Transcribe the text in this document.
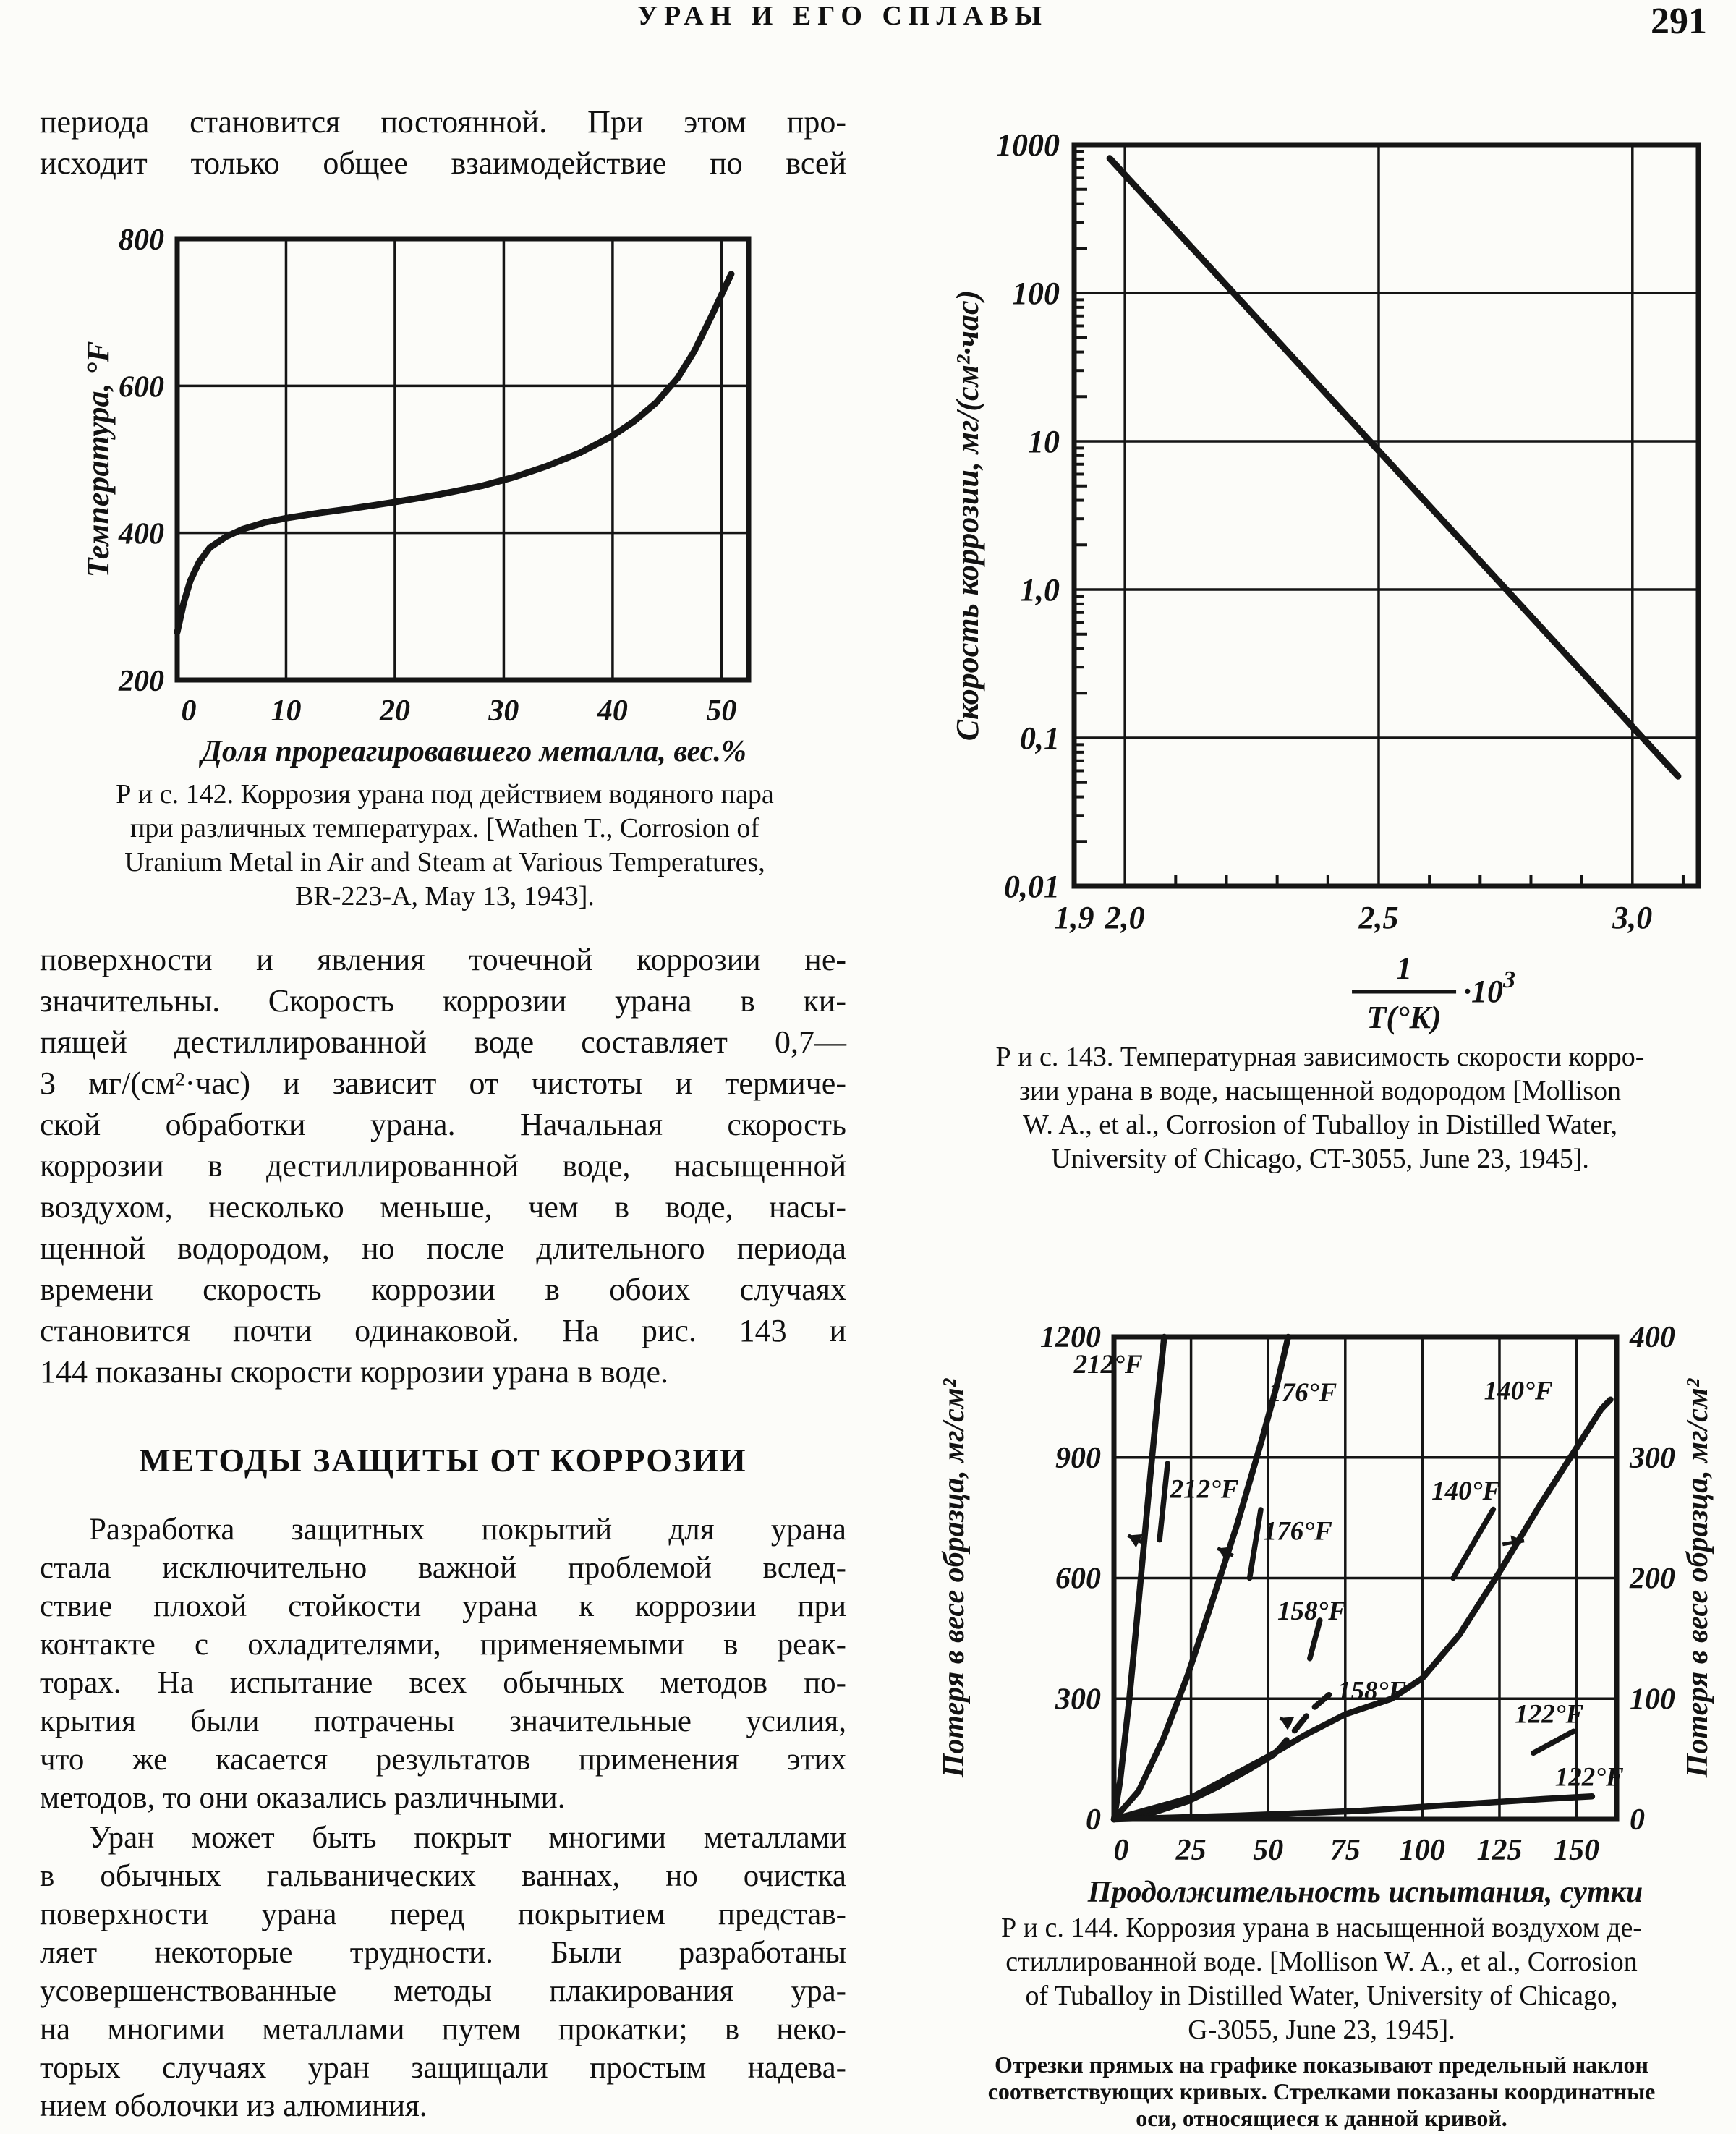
УРАН И ЕГО СПЛАВЫ	291
периода становится постоянной. При этом про-
исходит только общее взаимодействие по всей
200
400
600
800
0 10	20	30	40	50
Доля прореагировавшего металла, вес.%
Температура, °F
Р и с. 142. Коррозия урана под действием водяного пара
при различных температурах. [Wathen T., Corrosion of
Uranium Metal in Air and Steam at Various Temperatures,
BR-223-A, May 13, 1943].
поверхности и явления точечной коррозии не-
значительны. Скорость коррозии урана в ки-
пящей дестиллированной воде составляет 0,7—
3 мг/(см²·час) и зависит от чистоты и термиче-
ской обработки урана. Начальная скорость
коррозии в дестиллированной воде, насыщенной
воздухом, несколько меньше, чем в воде, насы-
щенной водородом, но после длительного периода
времени скорость коррозии в обоих случаях
становится почти одинаковой. На рис. 143 и
144 показаны скорости коррозии урана в воде.
МЕТОДЫ ЗАЩИТЫ ОТ КОРРОЗИИ
Разработка защитных покрытий для урана
стала исключительно важной проблемой вслед-
ствие плохой стойкости урана к коррозии при
контакте с охладителями, применяемыми в реак-
торах. На испытание всех обычных методов по-
крытия были потрачены значительные усилия,
что же касается результатов применения этих
методов, то они оказались различными.
Уран может быть покрыт многими металлами
в обычных гальванических ваннах, но очистка
поверхности урана перед покрытием представ-
ляет некоторые трудности. Были разработаны
усовершенствованные методы плакирования ура-
на многими металлами путем прокатки; в неко-
торых случаях уран защищали простым надева-
нием оболочки из алюминия.
1000
100
10
1,0
0,1
0,01
1,9 2,0	2,5	3,0
1
T(°K)
$\cdot 10^3$
Скорость коррозии, мг/(см²·час)
Р и с. 143. Температурная зависимость скорости корро-
зии урана в воде, насыщенной водородом [Mollison
W. A., et al., Corrosion of Tuballoy in Distilled Water,
University of Chicago, CT-3055, June 23, 1945].
0
300
600
900
1200
0
100
200
300
400
0 25 50 75 100 125 150
Продолжительность испытания, сутки
Потеря в весе образца, мг/см²	Потеря в весе образца, мг/см²
212°F
212°F
176°F
176°F
158°F
158°F
140°F
140°F
122°F
122°F
Р и с. 144. Коррозия урана в насыщенной воздухом де-
стиллированной воде. [Mollison W. A., et al., Corrosion
of Tuballoy in Distilled Water, University of Chicago,
G-3055, June 23, 1945].
Отрезки прямых на графике показывают предельный наклон
соответствующих кривых. Стрелками показаны координатные
оси, относящиеся к данной кривой.
